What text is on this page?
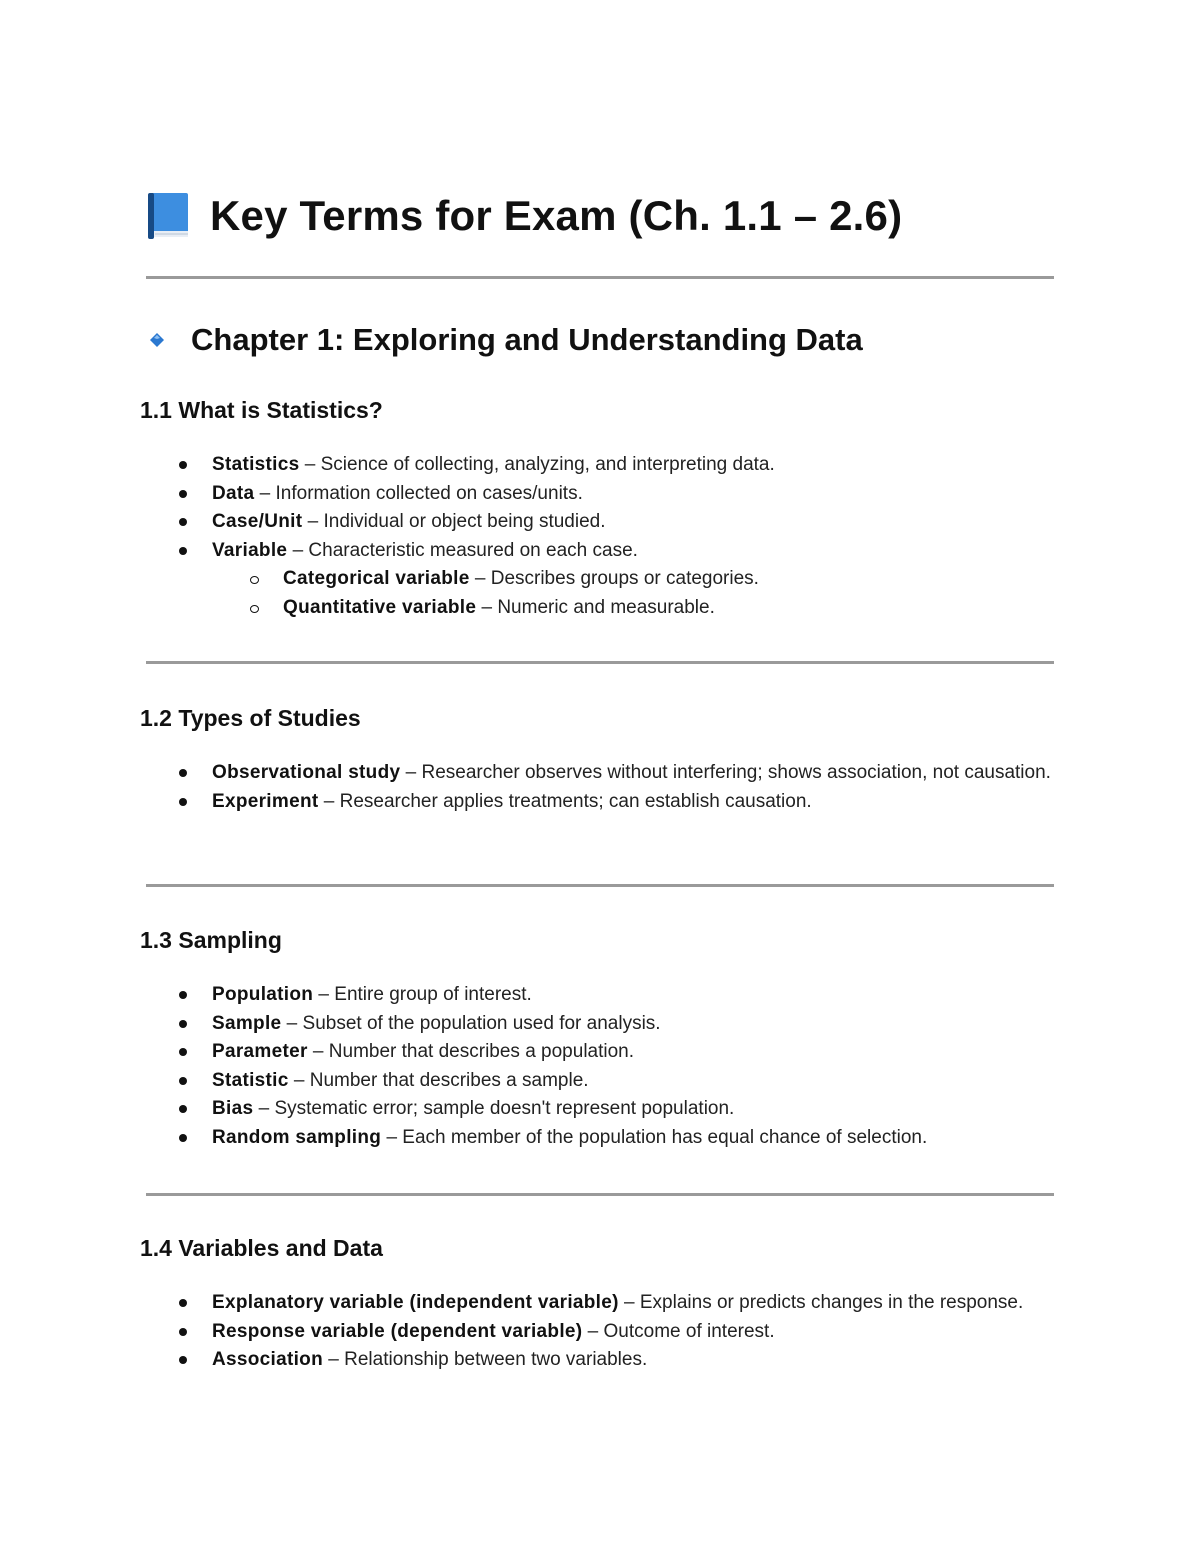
Key Terms for Exam (Ch. 1.1 – 2.6)
Chapter 1: Exploring and Understanding Data
1.1 What is Statistics?
Statistics – Science of collecting, analyzing, and interpreting data.
Data – Information collected on cases/units.
Case/Unit – Individual or object being studied.
Variable – Characteristic measured on each case.
Categorical variable – Describes groups or categories.
Quantitative variable – Numeric and measurable.
1.2 Types of Studies
Observational study – Researcher observes without interfering; shows association, not causation.
Experiment – Researcher applies treatments; can establish causation.
1.3 Sampling
Population – Entire group of interest.
Sample – Subset of the population used for analysis.
Parameter – Number that describes a population.
Statistic – Number that describes a sample.
Bias – Systematic error; sample doesn't represent population.
Random sampling – Each member of the population has equal chance of selection.
1.4 Variables and Data
Explanatory variable (independent variable) – Explains or predicts changes in the response.
Response variable (dependent variable) – Outcome of interest.
Association – Relationship between two variables.
